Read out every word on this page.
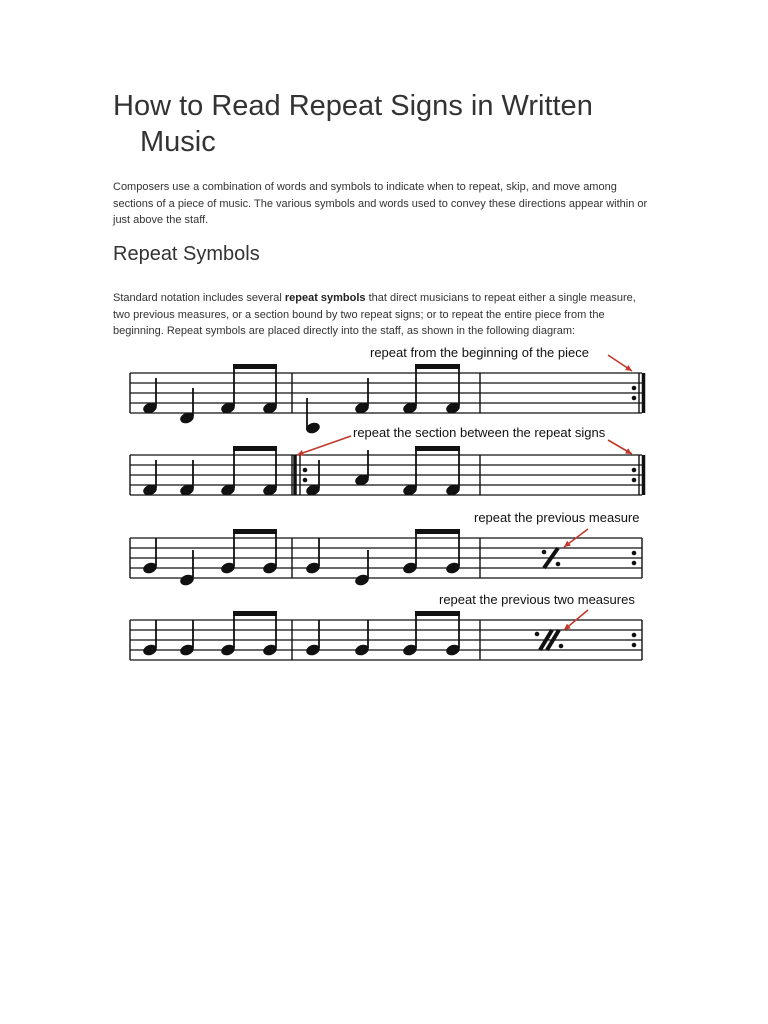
How to Read Repeat Signs in Written
Music

Composers use a combination of words and symbols to indicate when to repeat, skip, and move among sections of a piece of music. The various symbols and words used to convey these directions appear within or just above the staff.

Repeat Symbols

Standard notation includes several repeat symbols that direct musicians to repeat either a single measure, two previous measures, or a section bound by two repeat signs; or to repeat the entire piece from the beginning. Repeat symbols are placed directly into the staff, as shown in the following diagram:

repeat from the beginning of the piece
repeat the section between the repeat signs
repeat the previous measure
repeat the previous two measures
